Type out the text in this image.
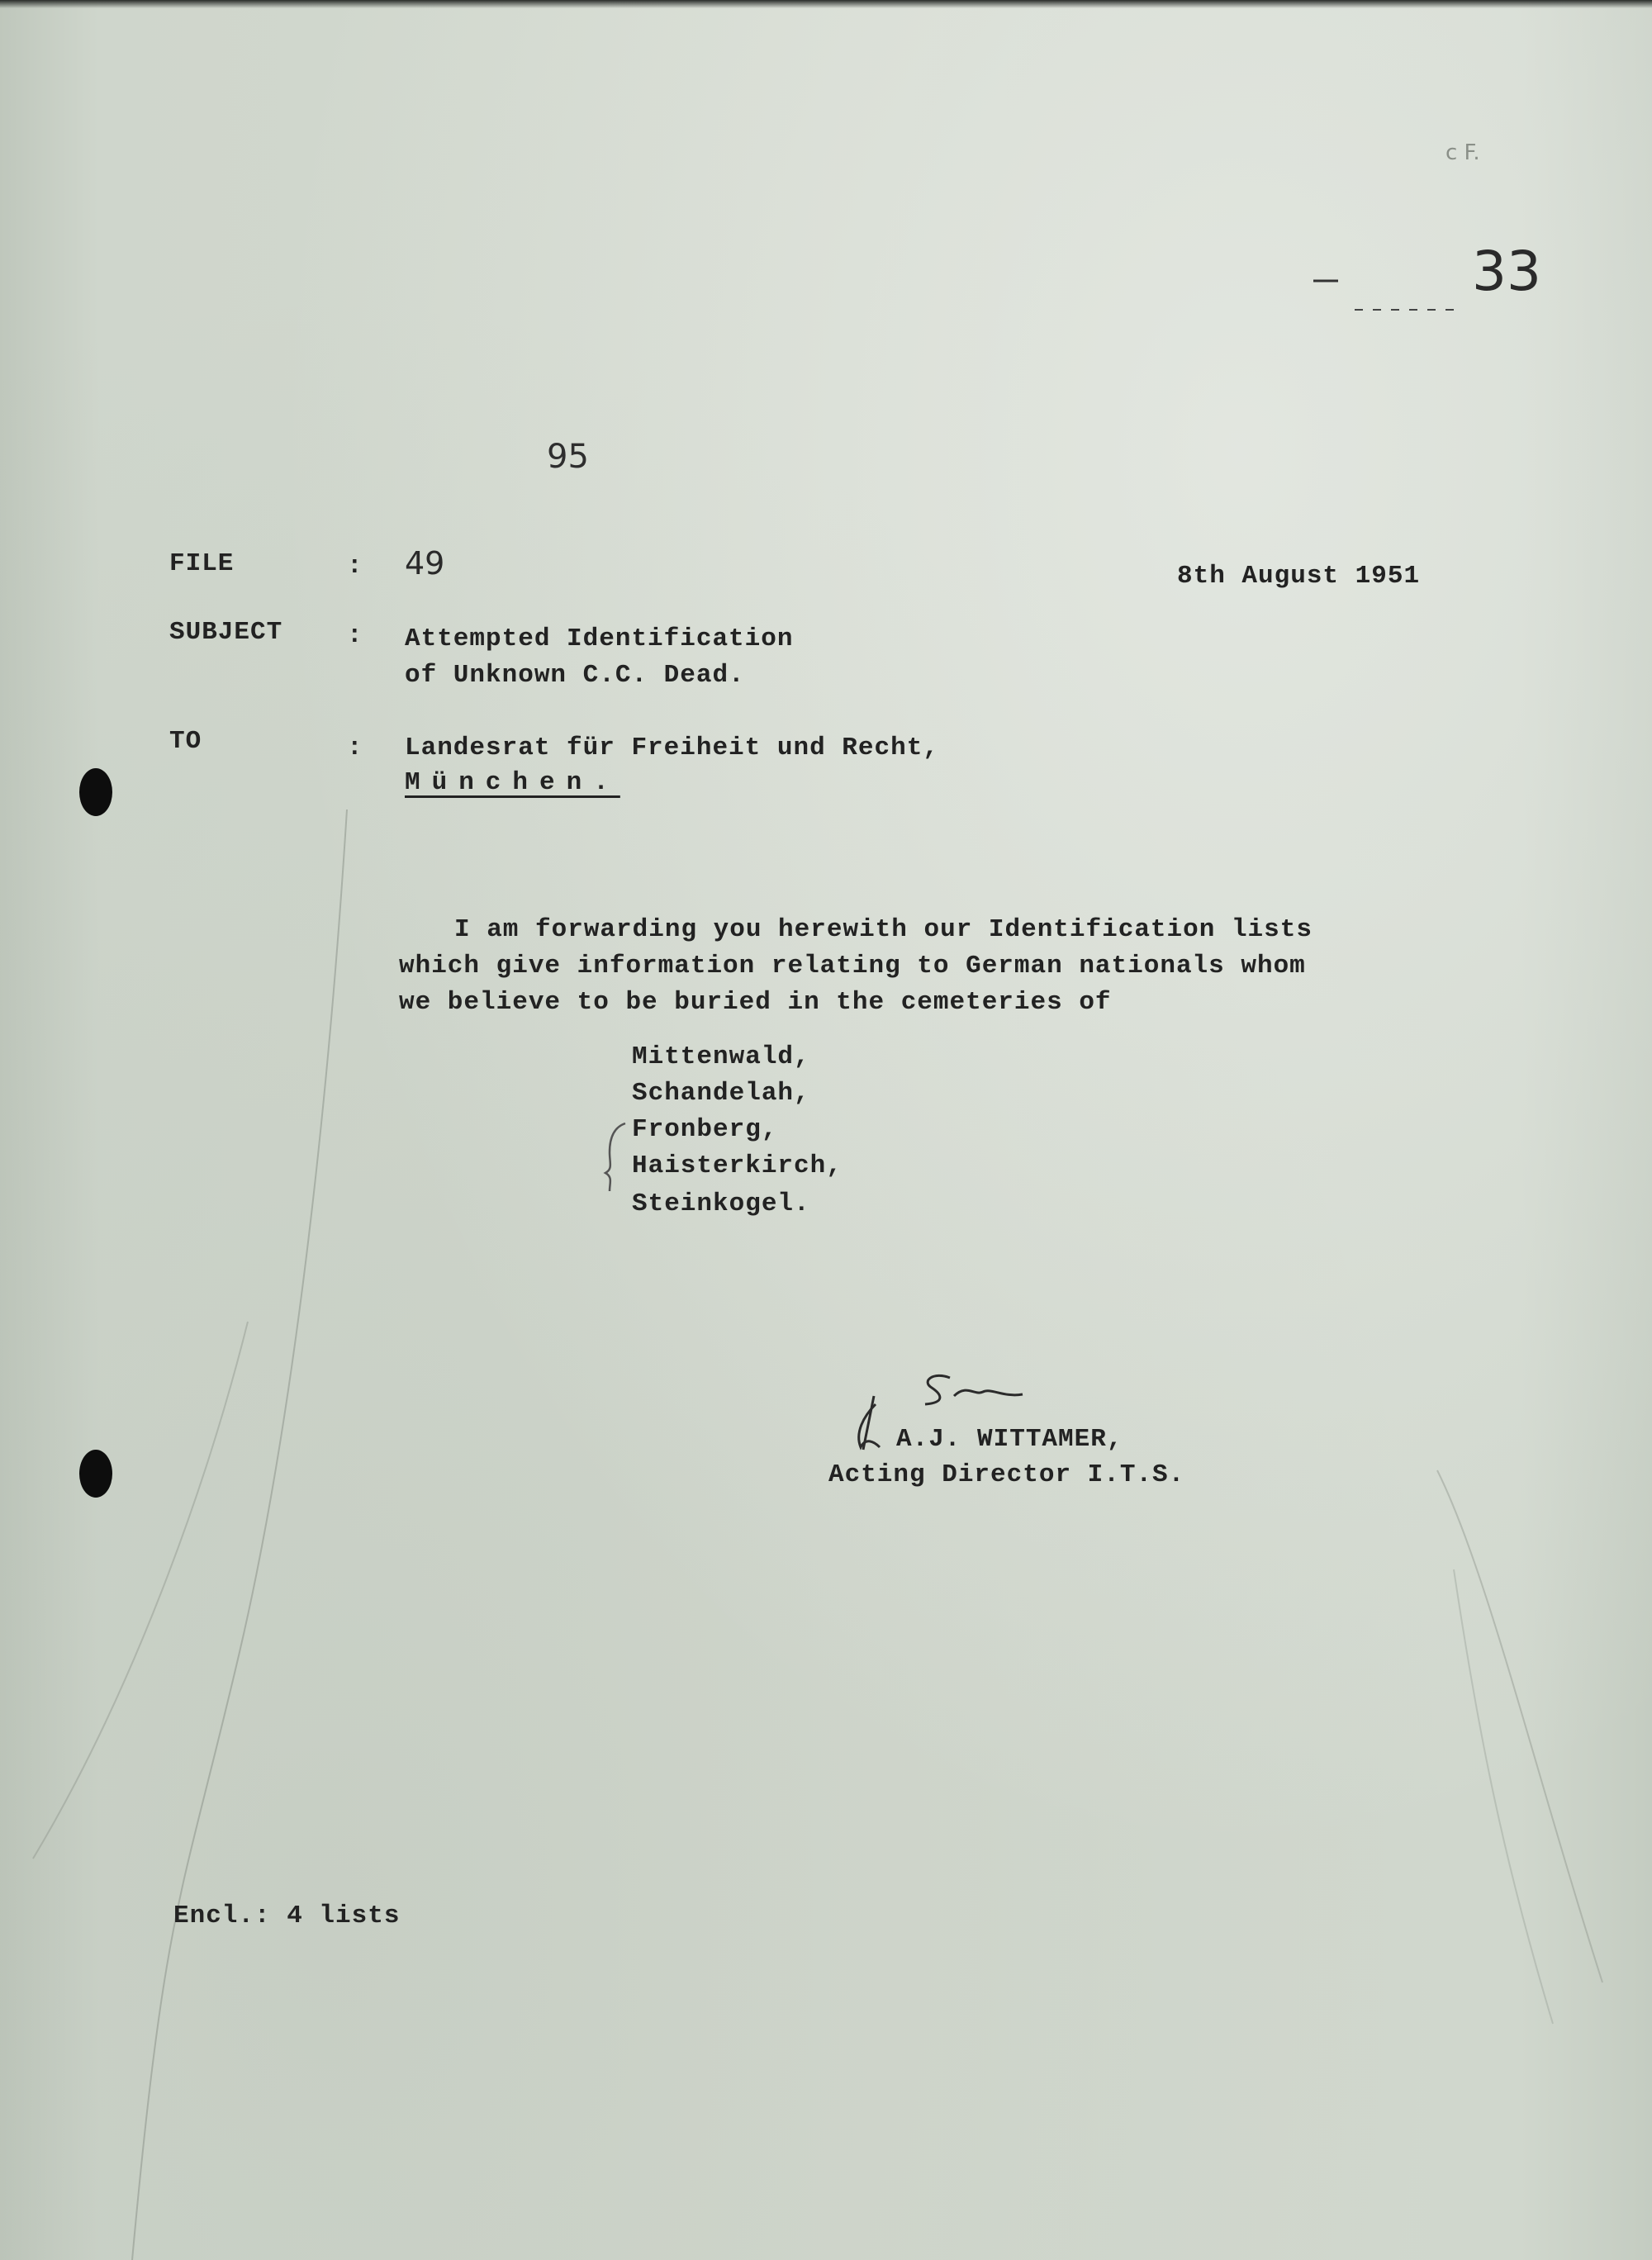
c F.
33
95
FILE	: 49	8th August 1951
SUBJECT	: Attempted Identification
of Unknown C.C. Dead.
TO	: Landesrat für Freiheit und Recht,
München.
I am forwarding you herewith our Identification lists
which give information relating to German nationals whom
we believe to be buried in the cemeteries of
Mittenwald,
Schandelah,
Fronberg,
Haisterkirch,
Steinkogel.
A.J. WITTAMER,
Acting Director I.T.S.
Encl.: 4 lists
